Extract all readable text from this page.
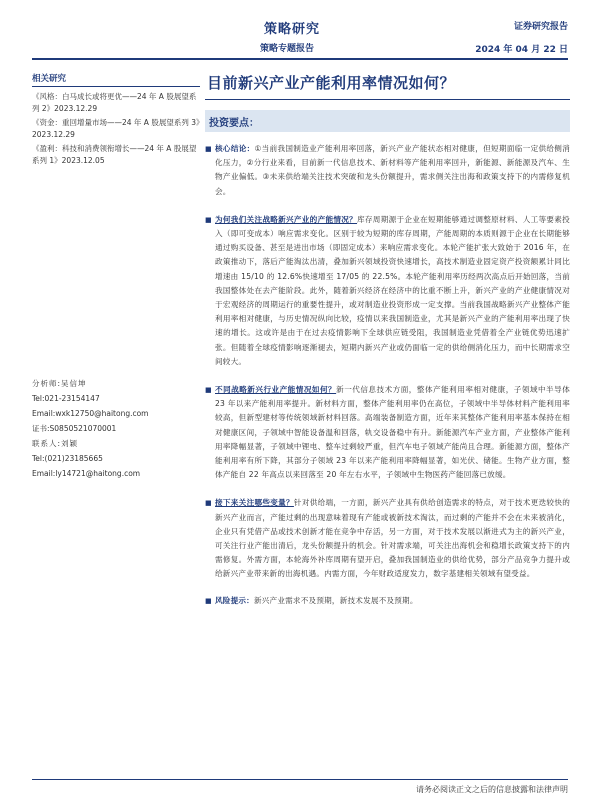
策略研究
策略专题报告
证券研究报告
2024 年 04 月 22 日
相关研究
《风格：白马成长或将更优——24 年 A 股展望系列 2》2023.12.29
《资金：重回增量市场——24 年 A 股展望系列 3》2023.12.29
《盈利：科技和消费领衔增长——24 年 A 股展望系列 1》2023.12.05
分析师:吴信坤
Tel:021-23154147
Email:wxk12750@haitong.com
证书:S0850521070001
联系人:刘颖
Tel:(021)23185665
Email:ly14721@haitong.com
目前新兴产业产能利用率情况如何？
投资要点：
■ 核心结论：①当前我国制造业产能利用率回落，新兴产业产能状态相对健康，但短期面临一定供给侧消化压力，②分行业来看，目前新一代信息技术、新材料等产能利用率回升，新能源、新能源及汽车、生物产业偏低。③未来供给端关注技术突破和龙头份额提升，需求侧关注出海和政策支持下的内需修复机会。
■ 为何我们关注战略新兴产业的产能情况？库存周期源于企业在短期能够通过调整原材料、人工等要素投入（即可变成本）响应需求变化。区别于较为短期的库存周期，产能周期的本质则源于企业在长期能够通过购买设备、甚至是进出市场（即固定成本）来响应需求变化。本轮产能扩张大致始于 2016 年，在政策推动下，落后产能淘汰出清，叠加新兴领域投资快速增长，高技术制造业固定资产投资额累计同比增速由 15/10 的 12.6%快速增至 17/05 的 22.5%。本轮产能利用率历经两次高点后开始回落，当前我国整体处在去产能阶段。此外，随着新兴经济在经济中的比重不断上升，新兴产业的产业健康情况对于宏观经济的周期运行的重要性提升，或对制造业投资形成一定支撑。当前我国战略新兴产业整体产能利用率相对健康，与历史情况纵向比较，疫情以来我国制造业，尤其是新兴产业的产能利用率出现了快速的增长。这或许是由于在过去疫情影响下全球供应链受阻，我国制造业凭借着全产业链优势迅速扩张。但随着全球疫情影响逐渐褪去，短期内新兴产业或仍面临一定的供给侧消化压力，而中长期需求空间较大。
■ 不同战略新兴行业产能情况如何？新一代信息技术方面，整体产能利用率相对健康，子领域中半导体 23 年以来产能利用率提升。新材料方面，整体产能利用率仍在高位，子领域中半导体材料产能利用率较高，但新型建材等传统领域新材料回落。高端装备制造方面，近年来其整体产能利用率基本保持在相对健康区间，子领域中智能设备温和回落，轨交设备稳中有升。新能源汽车产业方面，产业整体产能利用率降幅显著，子领域中锂电、整车过剩较严重，但汽车电子领域产能尚且合理。新能源方面，整体产能利用率有所下降，其部分子领域 23 年以来产能利用率降幅显著，如光伏、储能。生物产业方面，整体产能自 22 年高点以来回落至 20 年左右水平，子领域中生物医药产能回落已放缓。
■ 接下来关注哪些变量？针对供给端，一方面，新兴产业具有供给创造需求的特点，对于技术更迭较快的新兴产业而言，产能过剩的出现意味着现有产能或被新技术淘汰，而过剩的产能并不会在未来被消化，企业只有凭借产品或技术创新才能在竞争中存活，另一方面，对于技术发展以渐进式为主的新兴产业，可关注行业产能出清后，龙头份额提升的机会。针对需求端，可关注出海机会和稳增长政策支持下的内需修复。外需方面，本轮海外补库周期有望开启，叠加我国制造业的供给优势，部分产品竞争力提升或给新兴产业带来新的出海机遇。内需方面，今年财政适度发力，数字基建相关领域有望受益。
■ 风险提示：新兴产业需求不及预期，新技术发展不及预期。
请务必阅读正文之后的信息披露和法律声明
